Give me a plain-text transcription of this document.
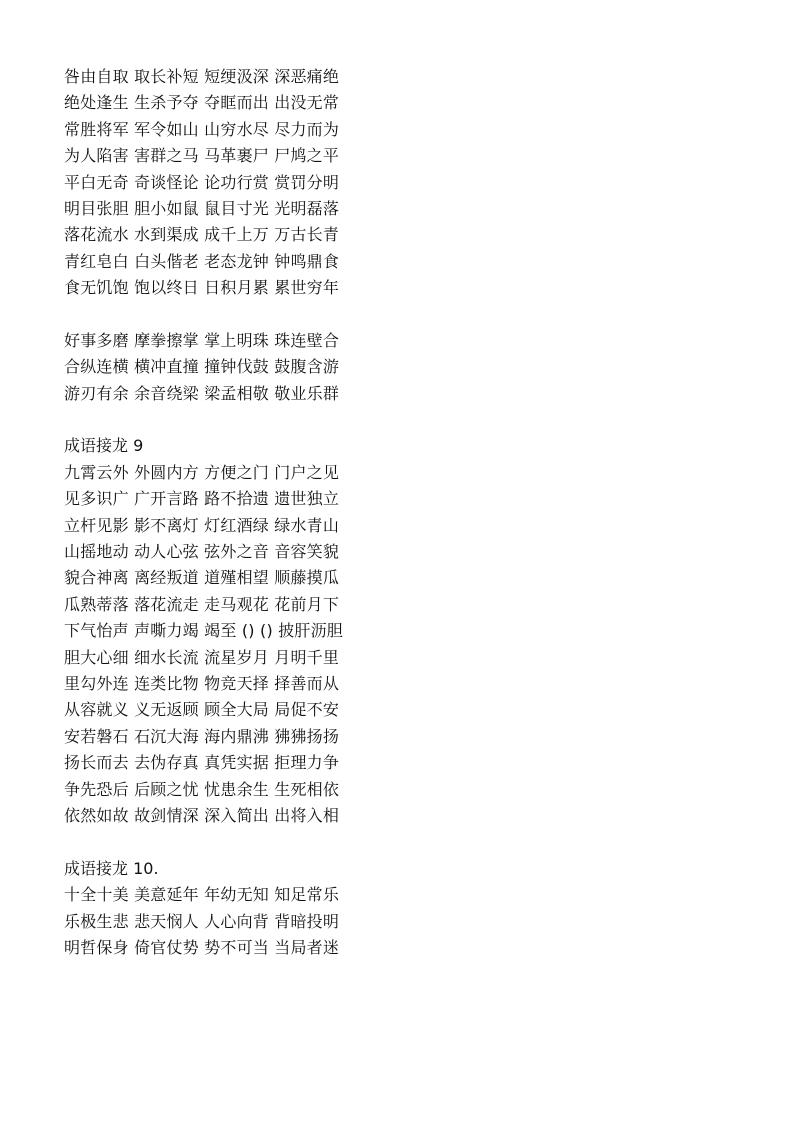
咎由自取 取长补短 短绠汲深 深恶痛绝
绝处逢生 生杀予夺 夺眶而出 出没无常
常胜将军 军令如山 山穷水尽 尽力而为
为人陷害 害群之马 马革裹尸 尸鸠之平
平白无奇 奇谈怪论 论功行赏 赏罚分明
明目张胆 胆小如鼠 鼠目寸光 光明磊落
落花流水 水到渠成 成千上万 万古长青
青红皂白 白头偕老 老态龙钟 钟鸣鼎食
食无饥饱 饱以终日 日积月累 累世穷年
好事多磨 摩拳擦掌 掌上明珠 珠连壁合
合纵连横 横冲直撞 撞钟伐鼓 鼓腹含游
游刃有余 余音绕梁 梁孟相敬 敬业乐群
成语接龙 9
九霄云外 外圆内方 方便之门 门户之见
见多识广 广开言路 路不拾遗 遗世独立
立杆见影 影不离灯 灯红酒绿 绿水青山
山摇地动 动人心弦 弦外之音 音容笑貌
貌合神离 离经叛道 道殣相望 顺藤摸瓜
瓜熟蒂落 落花流走 走马观花 花前月下
下气怡声 声嘶力竭 竭至 () () 披肝沥胆
胆大心细 细水长流 流星岁月 月明千里
里勾外连 连类比物 物竞天择 择善而从
从容就义 义无返顾 顾全大局 局促不安
安若磐石 石沉大海 海内鼎沸 狒狒扬扬
扬长而去 去伪存真 真凭实据 拒理力争
争先恐后 后顾之忧 忧患余生 生死相依
依然如故 故剑情深 深入简出 出将入相
成语接龙 10.
十全十美 美意延年 年幼无知 知足常乐
乐极生悲 悲天悯人 人心向背 背暗投明
明哲保身 倚官仗势 势不可当 当局者迷
